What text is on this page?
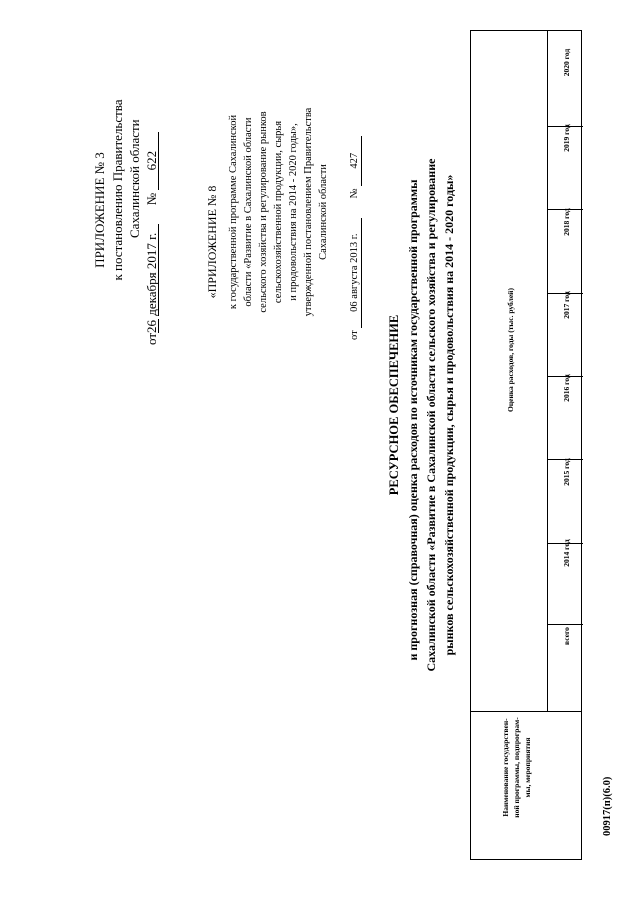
ПРИЛОЖЕНИЕ № 3 к постановлению Правительства Сахалинской области
от26 декабря 2017 г.  № 622
«ПРИЛОЖЕНИЕ № 8 к государственной программе Сахалинской области «Развитие в Сахалинской области сельского хозяйства и регулирование рынков сельскохозяйственной продукции, сырья и продовольствия на 2014 - 2020 годы», утвержденной постановлением Правительства Сахалинской области
от 06 августа 2013 г.  № 427
РЕСУРСНОЕ ОБЕСПЕЧЕНИЕ и прогнозная (справочная) оценка расходов по источникам государственной программы Сахалинской области «Развитие в Сахалинской области сельского хозяйства и регулирование рынков сельскохозяйственной продукции, сырья и продовольствия на 2014 - 2020 годы»
Наименование государствен- ной программы, подпрограм- мы, мероприятия
Оценка расходов, годы (тыс. рублей)
всего
2014 год
2015 год
2016 год
2017 год
2018 год
2019 год
2020 год
00917(п)(6.0)
